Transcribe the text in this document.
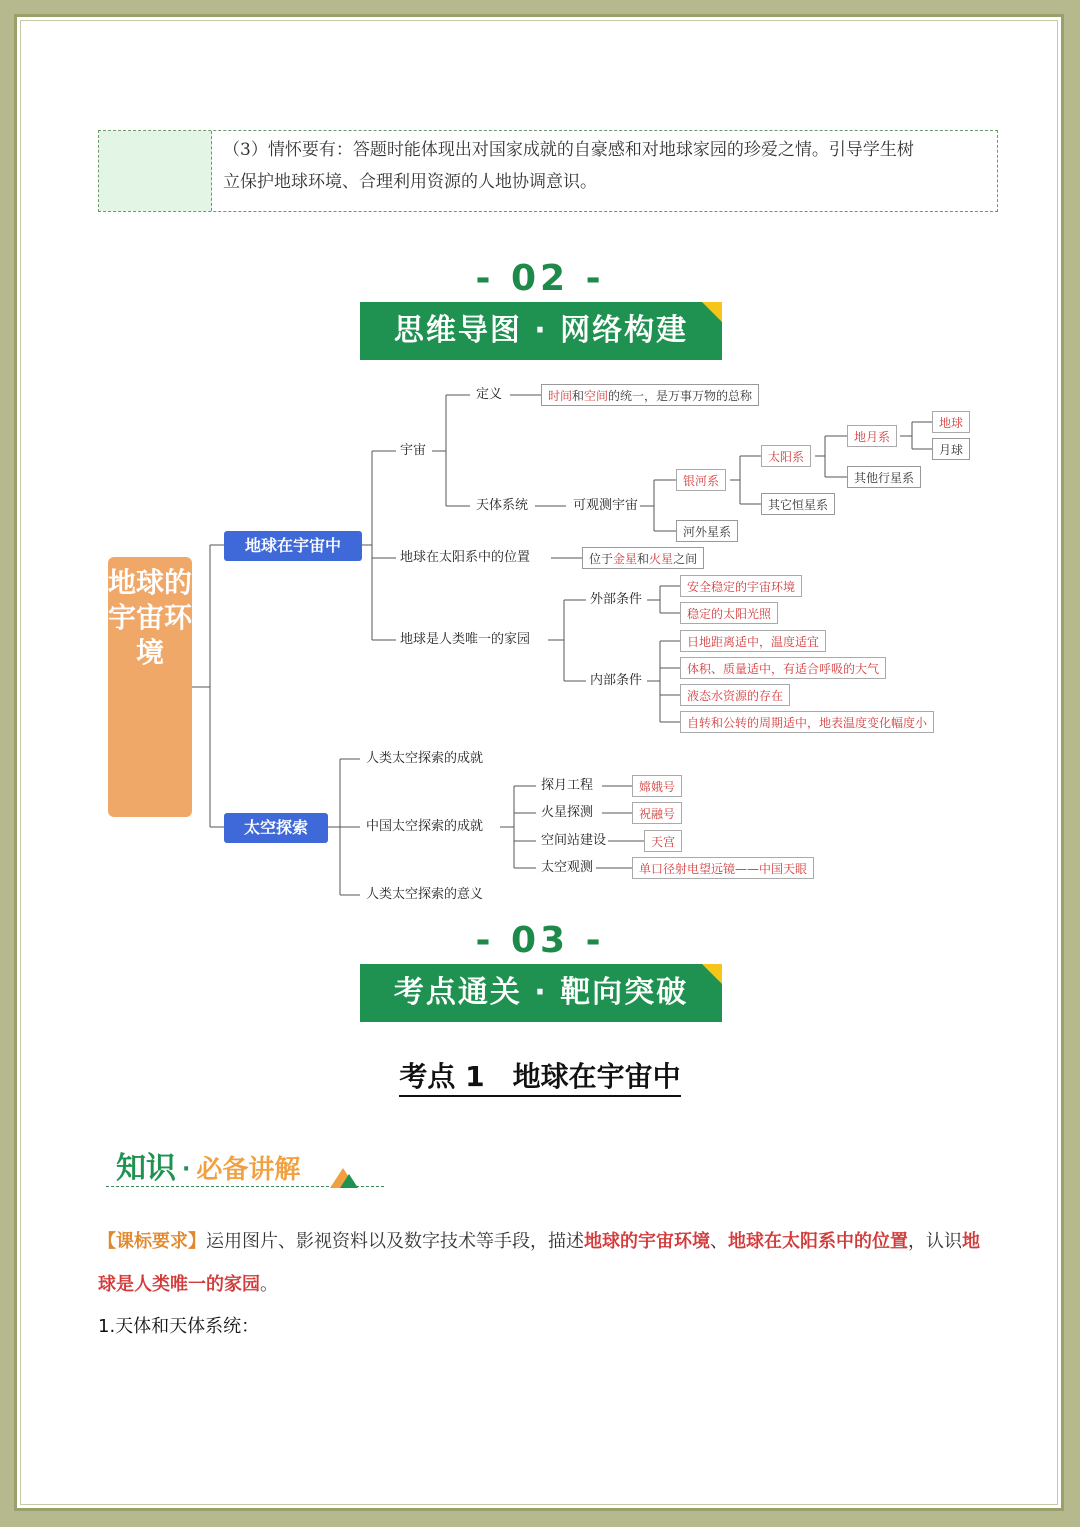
（3）情怀要有：答题时能体现出对国家成就的自豪感和对地球家园的珍爱之情。引导学生树
立保护地球环境、合理利用资源的人地协调意识。
- 02 -
思维导图 · 网络构建
地球的宇宙环境
地球在宇宙中
太空探索
宇宙
定义	时间和空间的统一，是万事万物的总称
天体系统	可观测宇宙
银河系
太阳系
地月系
地球
月球
其他行星系
其它恒星系
河外星系
地球在太阳系中的位置	位于金星和火星之间
地球是人类唯一的家园
外部条件
安全稳定的宇宙环境
稳定的太阳光照
内部条件
日地距离适中，温度适宜
体积、质量适中，有适合呼吸的大气
液态水资源的存在
自转和公转的周期适中，地表温度变化幅度小
人类太空探索的成就
中国太空探索的成就
人类太空探索的意义
探月工程	嫦娥号
火星探测	祝融号
空间站建设	天宫
太空观测	单口径射电望远镜——中国天眼
- 03 -
考点通关 · 靶向突破
考点 1　地球在宇宙中
知识 · 必备讲解
【课标要求】运用图片、影视资料以及数字技术等手段，描述地球的宇宙环境、地球在太阳系中的位置，认识地球是人类唯一的家园。
1.天体和天体系统：
